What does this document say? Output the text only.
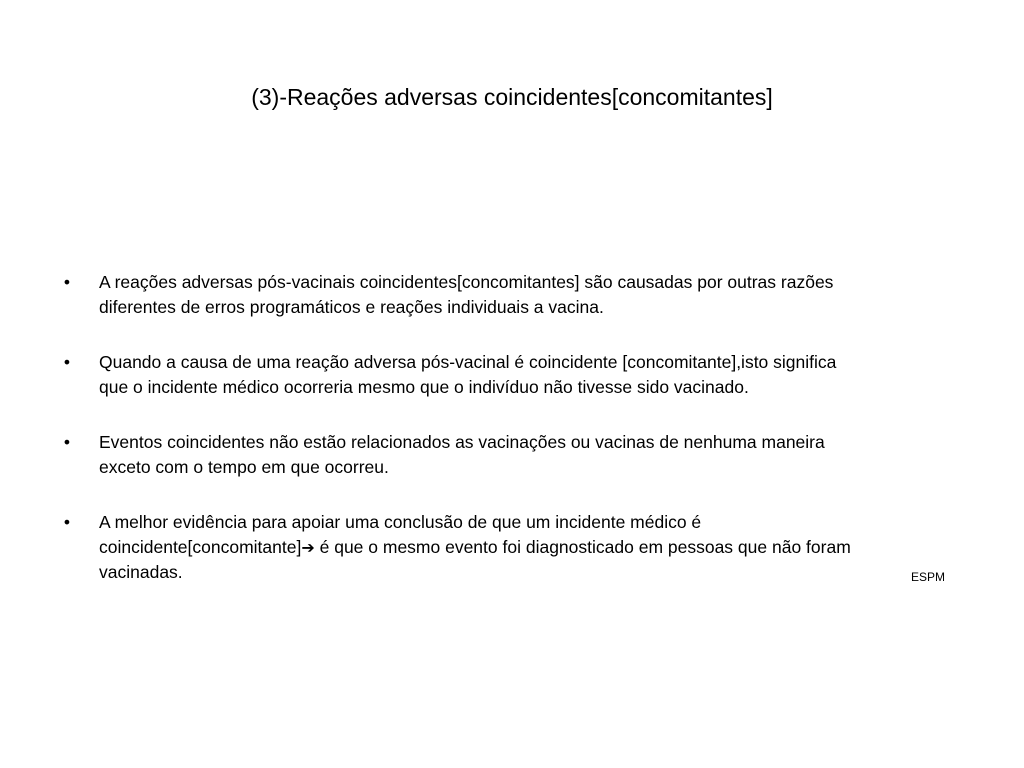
(3)-Reações adversas coincidentes[concomitantes]
• A reações adversas pós-vacinais coincidentes[concomitantes] são causadas por outras razões
diferentes de erros programáticos e reações individuais a vacina.
• Quando a causa de uma reação adversa pós-vacinal é coincidente [concomitante],isto significa
que o incidente médico ocorreria mesmo que o indivíduo não tivesse sido vacinado.
• Eventos coincidentes não estão relacionados as vacinações ou vacinas de nenhuma maneira
exceto com o tempo em que ocorreu.
• A melhor evidência para apoiar uma conclusão de que um incidente médico é
coincidente[concomitante]➔ é que o mesmo evento foi diagnosticado em pessoas que não foram
vacinadas.	ESPM
